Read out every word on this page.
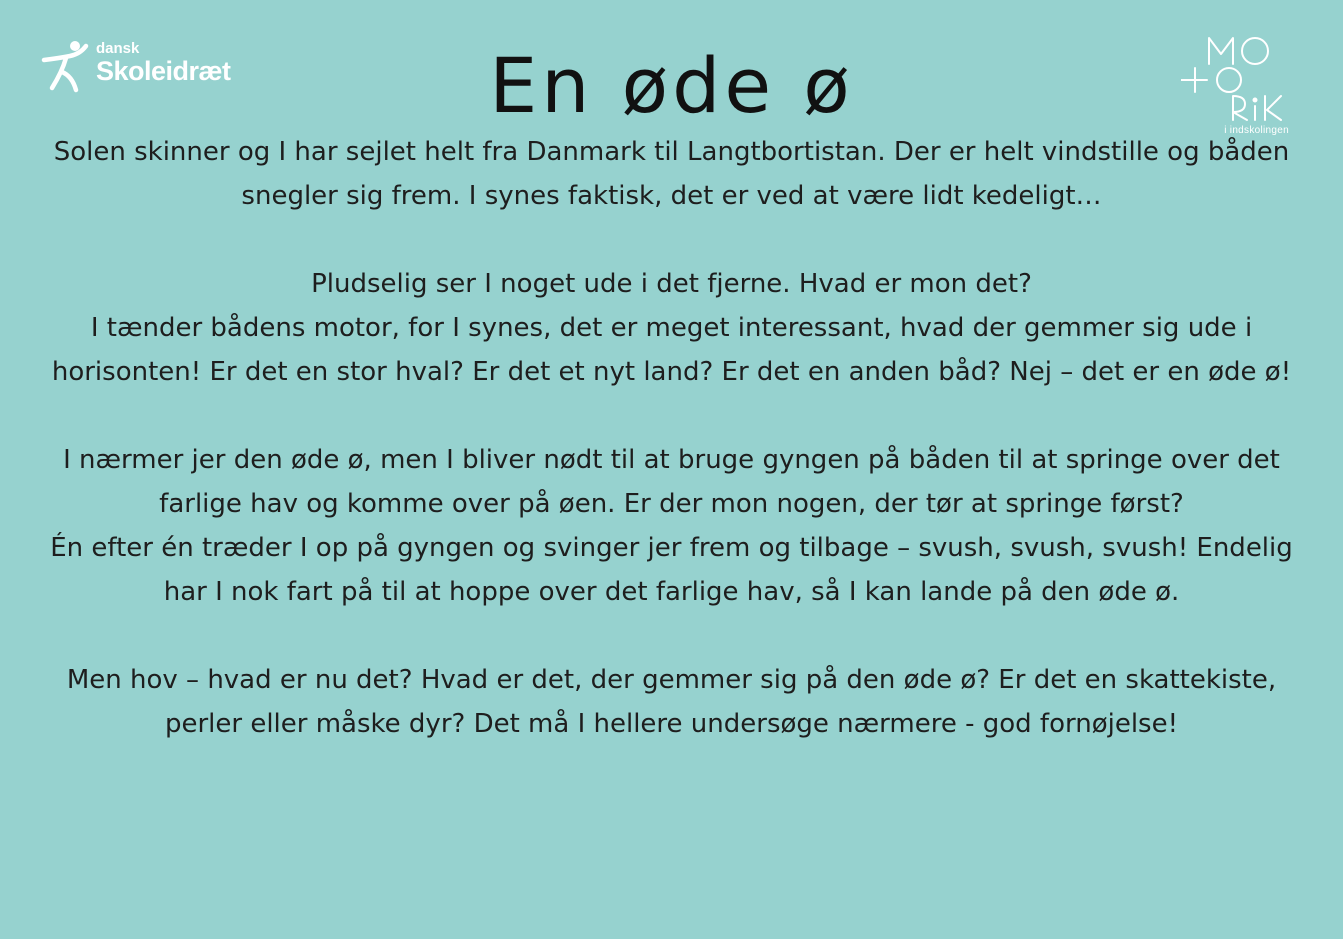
dansk
Skoleidræt
i indskolingen
En øde ø

Solen skinner og I har sejlet helt fra Danmark til Langtbortistan. Der er helt vindstille og båden snegler sig frem. I synes faktisk, det er ved at være lidt kedeligt…

Pludselig ser I noget ude i det fjerne. Hvad er mon det?

I tænder bådens motor, for I synes, det er meget interessant, hvad der gemmer sig ude i horisonten! Er det en stor hval? Er det et nyt land? Er det en anden båd? Nej – det er en øde ø!

I nærmer jer den øde ø, men I bliver nødt til at bruge gyngen på båden til at springe over det farlige hav og komme over på øen. Er der mon nogen, der tør at springe først?

Én efter én træder I op på gyngen og svinger jer frem og tilbage – svush, svush, svush! Endelig har I nok fart på til at hoppe over det farlige hav, så I kan lande på den øde ø.

Men hov – hvad er nu det? Hvad er det, der gemmer sig på den øde ø? Er det en skattekiste, perler eller måske dyr? Det må I hellere undersøge nærmere - god fornøjelse!
